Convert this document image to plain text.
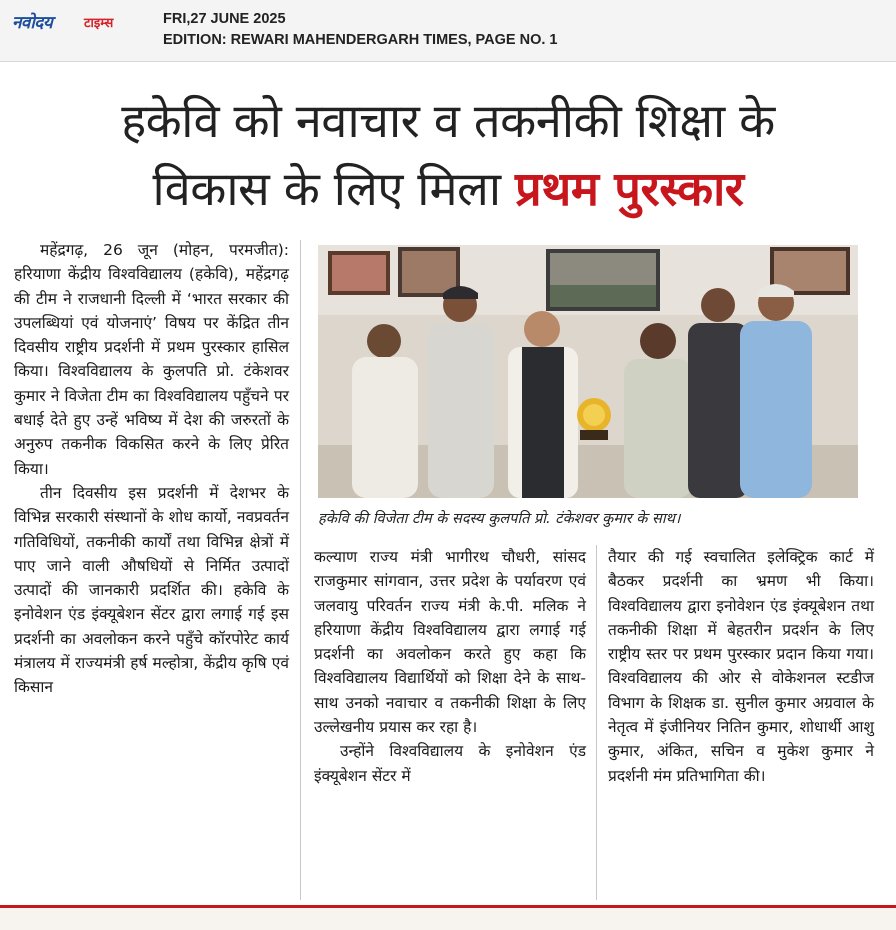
नवोदय टाइम्स	FRI,27 JUNE 2025
EDITION: REWARI MAHENDERGARH TIMES, PAGE NO. 1
हकेवि को नवाचार व तकनीकी शिक्षा के
विकास के लिए मिला प्रथम पुरस्कार
हकेवि की विजेता टीम के सदस्य कुलपति प्रो. टंकेशवर कुमार के साथ।

महेंद्रगढ़, 26 जून (मोहन, परमजीत): हरियाणा केंद्रीय विश्वविद्यालय (हकेवि), महेंद्रगढ़ की टीम ने राजधानी दिल्ली में ‘भारत सरकार की उपलब्धियां एवं योजनाएं’ विषय पर केंद्रित तीन दिवसीय राष्ट्रीय प्रदर्शनी में प्रथम पुरस्कार हासिल किया। विश्वविद्यालय के कुलपति प्रो. टंकेशवर कुमार ने विजेता टीम का विश्वविद्यालय पहुँचने पर बधाई देते हुए उन्हें भविष्य में देश की जरुरतों के अनुरुप तकनीक विकसित करने के लिए प्रेरित किया।

तीन दिवसीय इस प्रदर्शनी में देशभर के विभिन्न सरकारी संस्थानों के शोध कार्यो, नवप्रवर्तन गतिविधियों, तकनीकी कार्यों तथा विभिन्न क्षेत्रों में पाए जाने वाली औषधियों से निर्मित उत्पादों उत्पादों की जानकारी प्रदर्शित की। हकेवि के इनोवेशन एंड इंक्यूबेशन सेंटर द्वारा लगाई गई इस प्रदर्शनी का अवलोकन करने पहुँचे कॉरपोरेट कार्य मंत्रालय में राज्यमंत्री हर्ष मल्होत्रा, केंद्रीय कृषि एवं किसान

कल्याण राज्य मंत्री भागीरथ चौधरी, सांसद राजकुमार सांगवान, उत्तर प्रदेश के पर्यावरण एवं जलवायु परिवर्तन राज्य मंत्री के.पी. मलिक ने हरियाणा केंद्रीय विश्वविद्यालय द्वारा लगाई गई प्रदर्शनी का अवलोकन करते हुए कहा कि विश्वविद्यालय विद्यार्थियों को शिक्षा देने के साथ-साथ उनको नवाचार व तकनीकी शिक्षा के लिए उल्लेखनीय प्रयास कर रहा है।

उन्होंने विश्वविद्यालय के इनोवेशन एंड इंक्यूबेशन सेंटर में

तैयार की गई स्वचालित इलेक्ट्रिक कार्ट में बैठकर प्रदर्शनी का भ्रमण भी किया। विश्वविद्यालय द्वारा इनोवेशन एंड इंक्यूबेशन तथा तकनीकी शिक्षा में बेहतरीन प्रदर्शन के लिए राष्ट्रीय स्तर पर प्रथम पुरस्कार प्रदान किया गया। विश्वविद्यालय की ओर से वोकेशनल स्टडीज विभाग के शिक्षक डा. सुनील कुमार अग्रवाल के नेतृत्व में इंजीनियर नितिन कुमार, शोधार्थी आशु कुमार, अंकित, सचिन व मुकेश कुमार ने प्रदर्शनी मंम प्रतिभागिता की।
